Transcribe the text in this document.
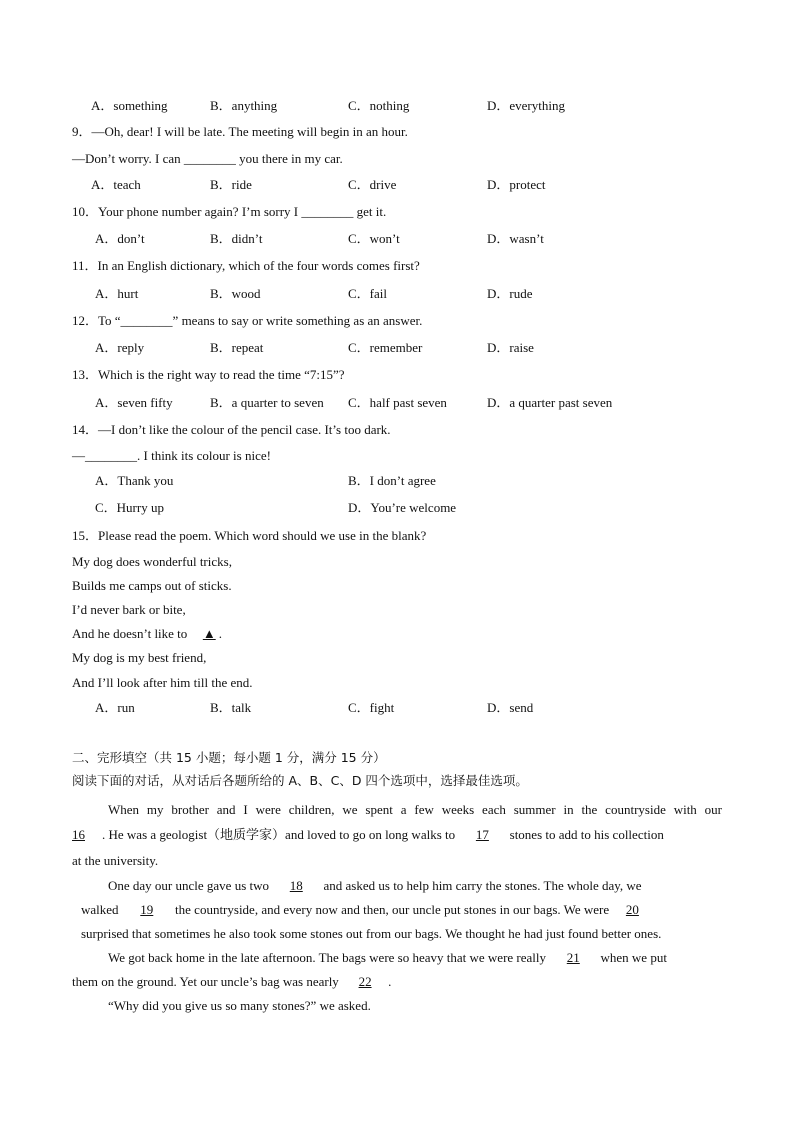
A．something	B．anything	C．nothing	D．everything
9．—Oh, dear! I will be late. The meeting will begin in an hour.
—Don’t worry. I can ________ you there in my car.
A．teach	B．ride	C．drive	D．protect
10．Your phone number again? I’m sorry I ________ get it.
A．don’t	B．didn’t	C．won’t	D．wasn’t
11．In an English dictionary, which of the four words comes first?
A．hurt	B．wood	C．fail	D．rude
12．To “________” means to say or write something as an answer.
A．reply	B．repeat	C．remember	D．raise
13．Which is the right way to read the time “7:15”?
A．seven fifty	B．a quarter to seven C．half past seven	D．a quarter past seven
14．—I don’t like the colour of the pencil case. It’s too dark.
—________. I think its colour is nice!
A．Thank you	B．I don’t agree
C．Hurry up	D．You’re welcome
15．Please read the poem. Which word should we use in the blank?
My dog does wonderful tricks,
Builds me camps out of sticks.
I’d never bark or bite,
And he doesn’t like to ▲ .
My dog is my best friend,
And I’ll look after him till the end.
A．run	B．talk	C．fight	D．send
二、完形填空（共 15 小题；每小题 1 分，满分 15 分）
阅读下面的对话，从对话后各题所给的 A、B、C、D 四个选项中，选择最佳选项。
When my brother and I were children, we spent a few weeks each summer in the countryside with our
16 . He was a geologist（地质学家）and loved to go on long walks to 17 stones to add to his collection
at the university.
One day our uncle gave us two 18 and asked us to help him carry the stones. The whole day, we
walked 19 the countryside, and every now and then, our uncle put stones in our bags. We were 20
surprised that sometimes he also took some stones out from our bags. We thought he had just found better ones.
We got back home in the late afternoon. The bags were so heavy that we were really 21 when we put
them on the ground. Yet our uncle’s bag was nearly 22 .
“Why did you give us so many stones?” we asked.
